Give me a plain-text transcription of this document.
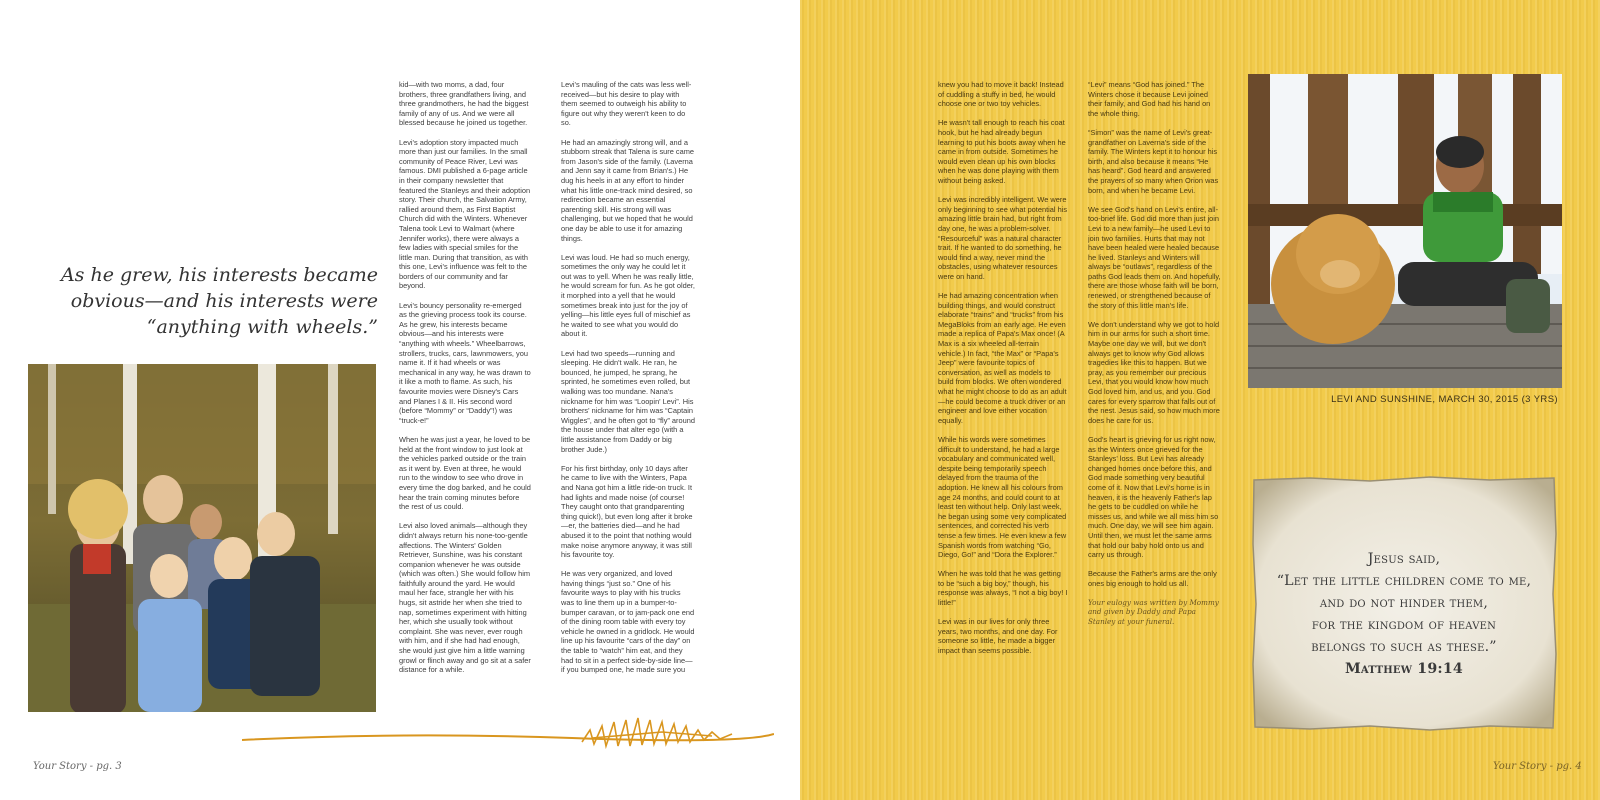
As he grew, his interests became obvious—and his interests were “anything with wheels.”

kid—with two moms, a dad, four brothers, three grandfathers living, and three grandmothers, he had the biggest family of any of us. And we were all blessed because he joined us together.

Levi's adoption story impacted much more than just our families. In the small community of Peace River, Levi was famous. DMI published a 6-page article in their company newsletter that featured the Stanleys and their adoption story. Their church, the Salvation Army, rallied around them, as First Baptist Church did with the Winters. Whenever Talena took Levi to Walmart (where Jennifer works), there were always a few ladies with special smiles for the little man. During that transition, as with this one, Levi's influence was felt to the borders of our community and far beyond.

Levi's bouncy personality re-emerged as the grieving process took its course. As he grew, his interests became obvious—and his interests were “anything with wheels.” Wheelbarrows, strollers, trucks, cars, lawnmowers, you name it. If it had wheels or was mechanical in any way, he was drawn to it like a moth to flame. As such, his favourite movies were Disney's Cars and Planes I & II. His second word (before “Mommy” or “Daddy”!) was “truck-e!”

When he was just a year, he loved to be held at the front window to just look at the vehicles parked outside or the train as it went by. Even at three, he would run to the window to see who drove in every time the dog barked, and he could hear the train coming minutes before the rest of us could.

Levi also loved animals—although they didn't always return his none-too-gentle affections. The Winters' Golden Retriever, Sunshine, was his constant companion whenever he was outside (which was often.) She would follow him faithfully around the yard. He would maul her face, strangle her with his hugs, sit astride her when she tried to nap, sometimes experiment with hitting her, which she usually took without complaint. She was never, ever rough with him, and if she had had enough, she would just give him a little warning growl or flinch away and go sit at a safer distance for a while.

Levi's mauling of the cats was less well-received—but his desire to play with them seemed to outweigh his ability to figure out why they weren't keen to do so.

He had an amazingly strong will, and a stubborn streak that Talena is sure came from Jason's side of the family. (Laverna and Jenn say it came from Brian's.) He dug his heels in at any effort to hinder what his little one-track mind desired, so redirection became an essential parenting skill. His strong will was challenging, but we hoped that he would one day be able to use it for amazing things.

Levi was loud. He had so much energy, sometimes the only way he could let it out was to yell. When he was really little, he would scream for fun. As he got older, it morphed into a yell that he would sometimes break into just for the joy of yelling—his little eyes full of mischief as he waited to see what you would do about it.

Levi had two speeds—running and sleeping. He didn't walk. He ran, he bounced, he jumped, he sprang, he sprinted, he sometimes even rolled, but walking was too mundane. Nana's nickname for him was “Loopin' Levi”. His brothers' nickname for him was “Captain Wiggles”, and he often got to “fly” around the house under that alter ego (with a little assistance from Daddy or big brother Jude.)

For his first birthday, only 10 days after he came to live with the Winters, Papa and Nana got him a little ride-on truck. It had lights and made noise (of course! They caught onto that grandparenting thing quick!), but even long after it broke—er, the batteries died—and he had abused it to the point that nothing would make noise anymore anyway, it was still his favourite toy.

He was very organized, and loved having things “just so.” One of his favourite ways to play with his trucks was to line them up in a bumper-to-bumper caravan, or to jam-pack one end of the dining room table with every toy vehicle he owned in a gridlock. He would line up his favourite “cars of the day” on the table to “watch” him eat, and they had to sit in a perfect side-by-side line—if you bumped one, he made sure you

Your Story - pg. 3

knew you had to move it back! Instead of cuddling a stuffy in bed, he would choose one or two toy vehicles.

He wasn't tall enough to reach his coat hook, but he had already begun learning to put his boots away when he came in from outside. Sometimes he would even clean up his own blocks when he was done playing with them without being asked.

Levi was incredibly intelligent. We were only beginning to see what potential his amazing little brain had, but right from day one, he was a problem-solver. “Resourceful” was a natural character trait. If he wanted to do something, he would find a way, never mind the obstacles, using whatever resources were on hand.

He had amazing concentration when building things, and would construct elaborate “trains” and “trucks” from his MegaBloks from an early age. He even made a replica of Papa's Max once! (A Max is a six wheeled all-terrain vehicle.) In fact, “the Max” or “Papa's Jeep” were favourite topics of conversation, as well as models to build from blocks. We often wondered what he might choose to do as an adult—he could become a truck driver or an engineer and love either vocation equally.

While his words were sometimes difficult to understand, he had a large vocabulary and communicated well, despite being temporarily speech delayed from the trauma of the adoption. He knew all his colours from age 24 months, and could count to at least ten without help. Only last week, he began using some very complicated sentences, and corrected his verb tense a few times. He even knew a few Spanish words from watching “Go, Diego, Go!” and “Dora the Explorer.”

When he was told that he was getting to be “such a big boy,” though, his response was always, “I not a big boy! I little!”

Levi was in our lives for only three years, two months, and one day. For someone so little, he made a bigger impact than seems possible.

“Levi” means “God has joined.” The Winters chose it because Levi joined their family, and God had his hand on the whole thing.

“Simon” was the name of Levi's great-grandfather on Laverna's side of the family. The Winters kept it to honour his birth, and also because it means “He has heard”. God heard and answered the prayers of so many when Orion was born, and when he became Levi.

We see God's hand on Levi's entire, all-too-brief life. God did more than just join Levi to a new family—he used Levi to join two families. Hurts that may not have been healed were healed because he lived. Stanleys and Winters will always be “outlaws”, regardless of the paths God leads them on. And hopefully, there are those whose faith will be born, renewed, or strengthened because of the story of this little man's life.

We don't understand why we got to hold him in our arms for such a short time. Maybe one day we will, but we don't always get to know why God allows tragedies like this to happen. But we pray, as you remember our precious Levi, that you would know how much God loved him, and us, and you. God cares for every sparrow that falls out of the nest. Jesus said, so how much more does he care for us.

God's heart is grieving for us right now, as the Winters once grieved for the Stanleys' loss. But Levi has already changed homes once before this, and God made something very beautiful come of it. Now that Levi's home is in heaven, it is the heavenly Father's lap he gets to be cuddled on while he misses us, and while we all miss him so much. One day, we will see him again. Until then, we must let the same arms that hold our baby hold onto us and carry us through.

Because the Father's arms are the only ones big enough to hold us all.

Your eulogy was written by Mommy and given by Daddy and Papa Stanley at your funeral.

LEVI AND SUNSHINE, MARCH 30, 2015 (3 YRS)
Jesus said,
“Let the little children come to me,
and do not hinder them,
for the kingdom of heaven
belongs to such as these.”
Matthew 19:14
Your Story - pg. 4
